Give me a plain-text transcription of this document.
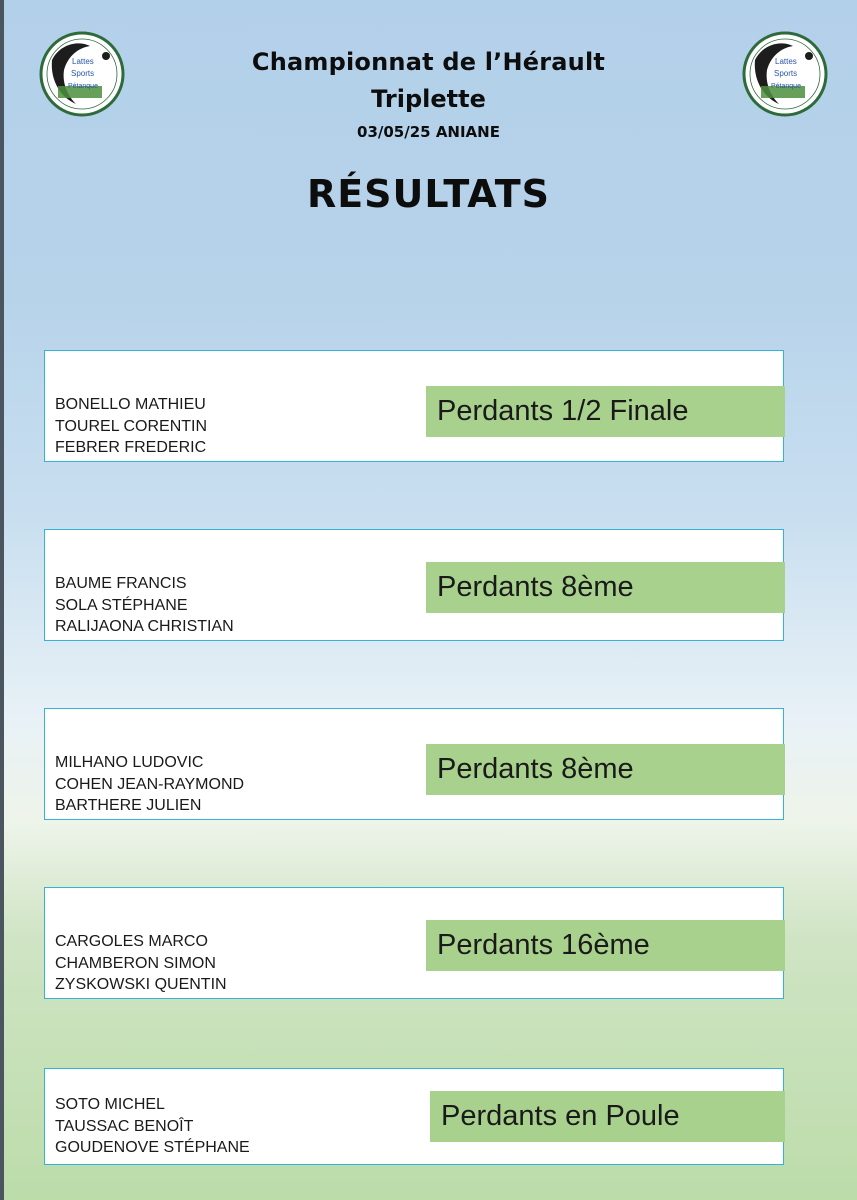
Lattes
Sports
Pétanque

Championnat de l’Hérault

Triplette

03/05/25 ANIANE

RÉSULTATS

Lattes
Sports
Pétanque
BONELLO MATHIEU
TOUREL CORENTIN
FEBRER FREDERIC
Perdants 1/2 Finale
BAUME FRANCIS
SOLA STÉPHANE
RALIJAONA CHRISTIAN
Perdants 8ème
MILHANO LUDOVIC
COHEN JEAN-RAYMOND
BARTHERE JULIEN
Perdants 8ème
CARGOLES MARCO
CHAMBERON SIMON
ZYSKOWSKI QUENTIN
Perdants 16ème
SOTO MICHEL
TAUSSAC BENOÎT
GOUDENOVE STÉPHANE
Perdants en Poule
